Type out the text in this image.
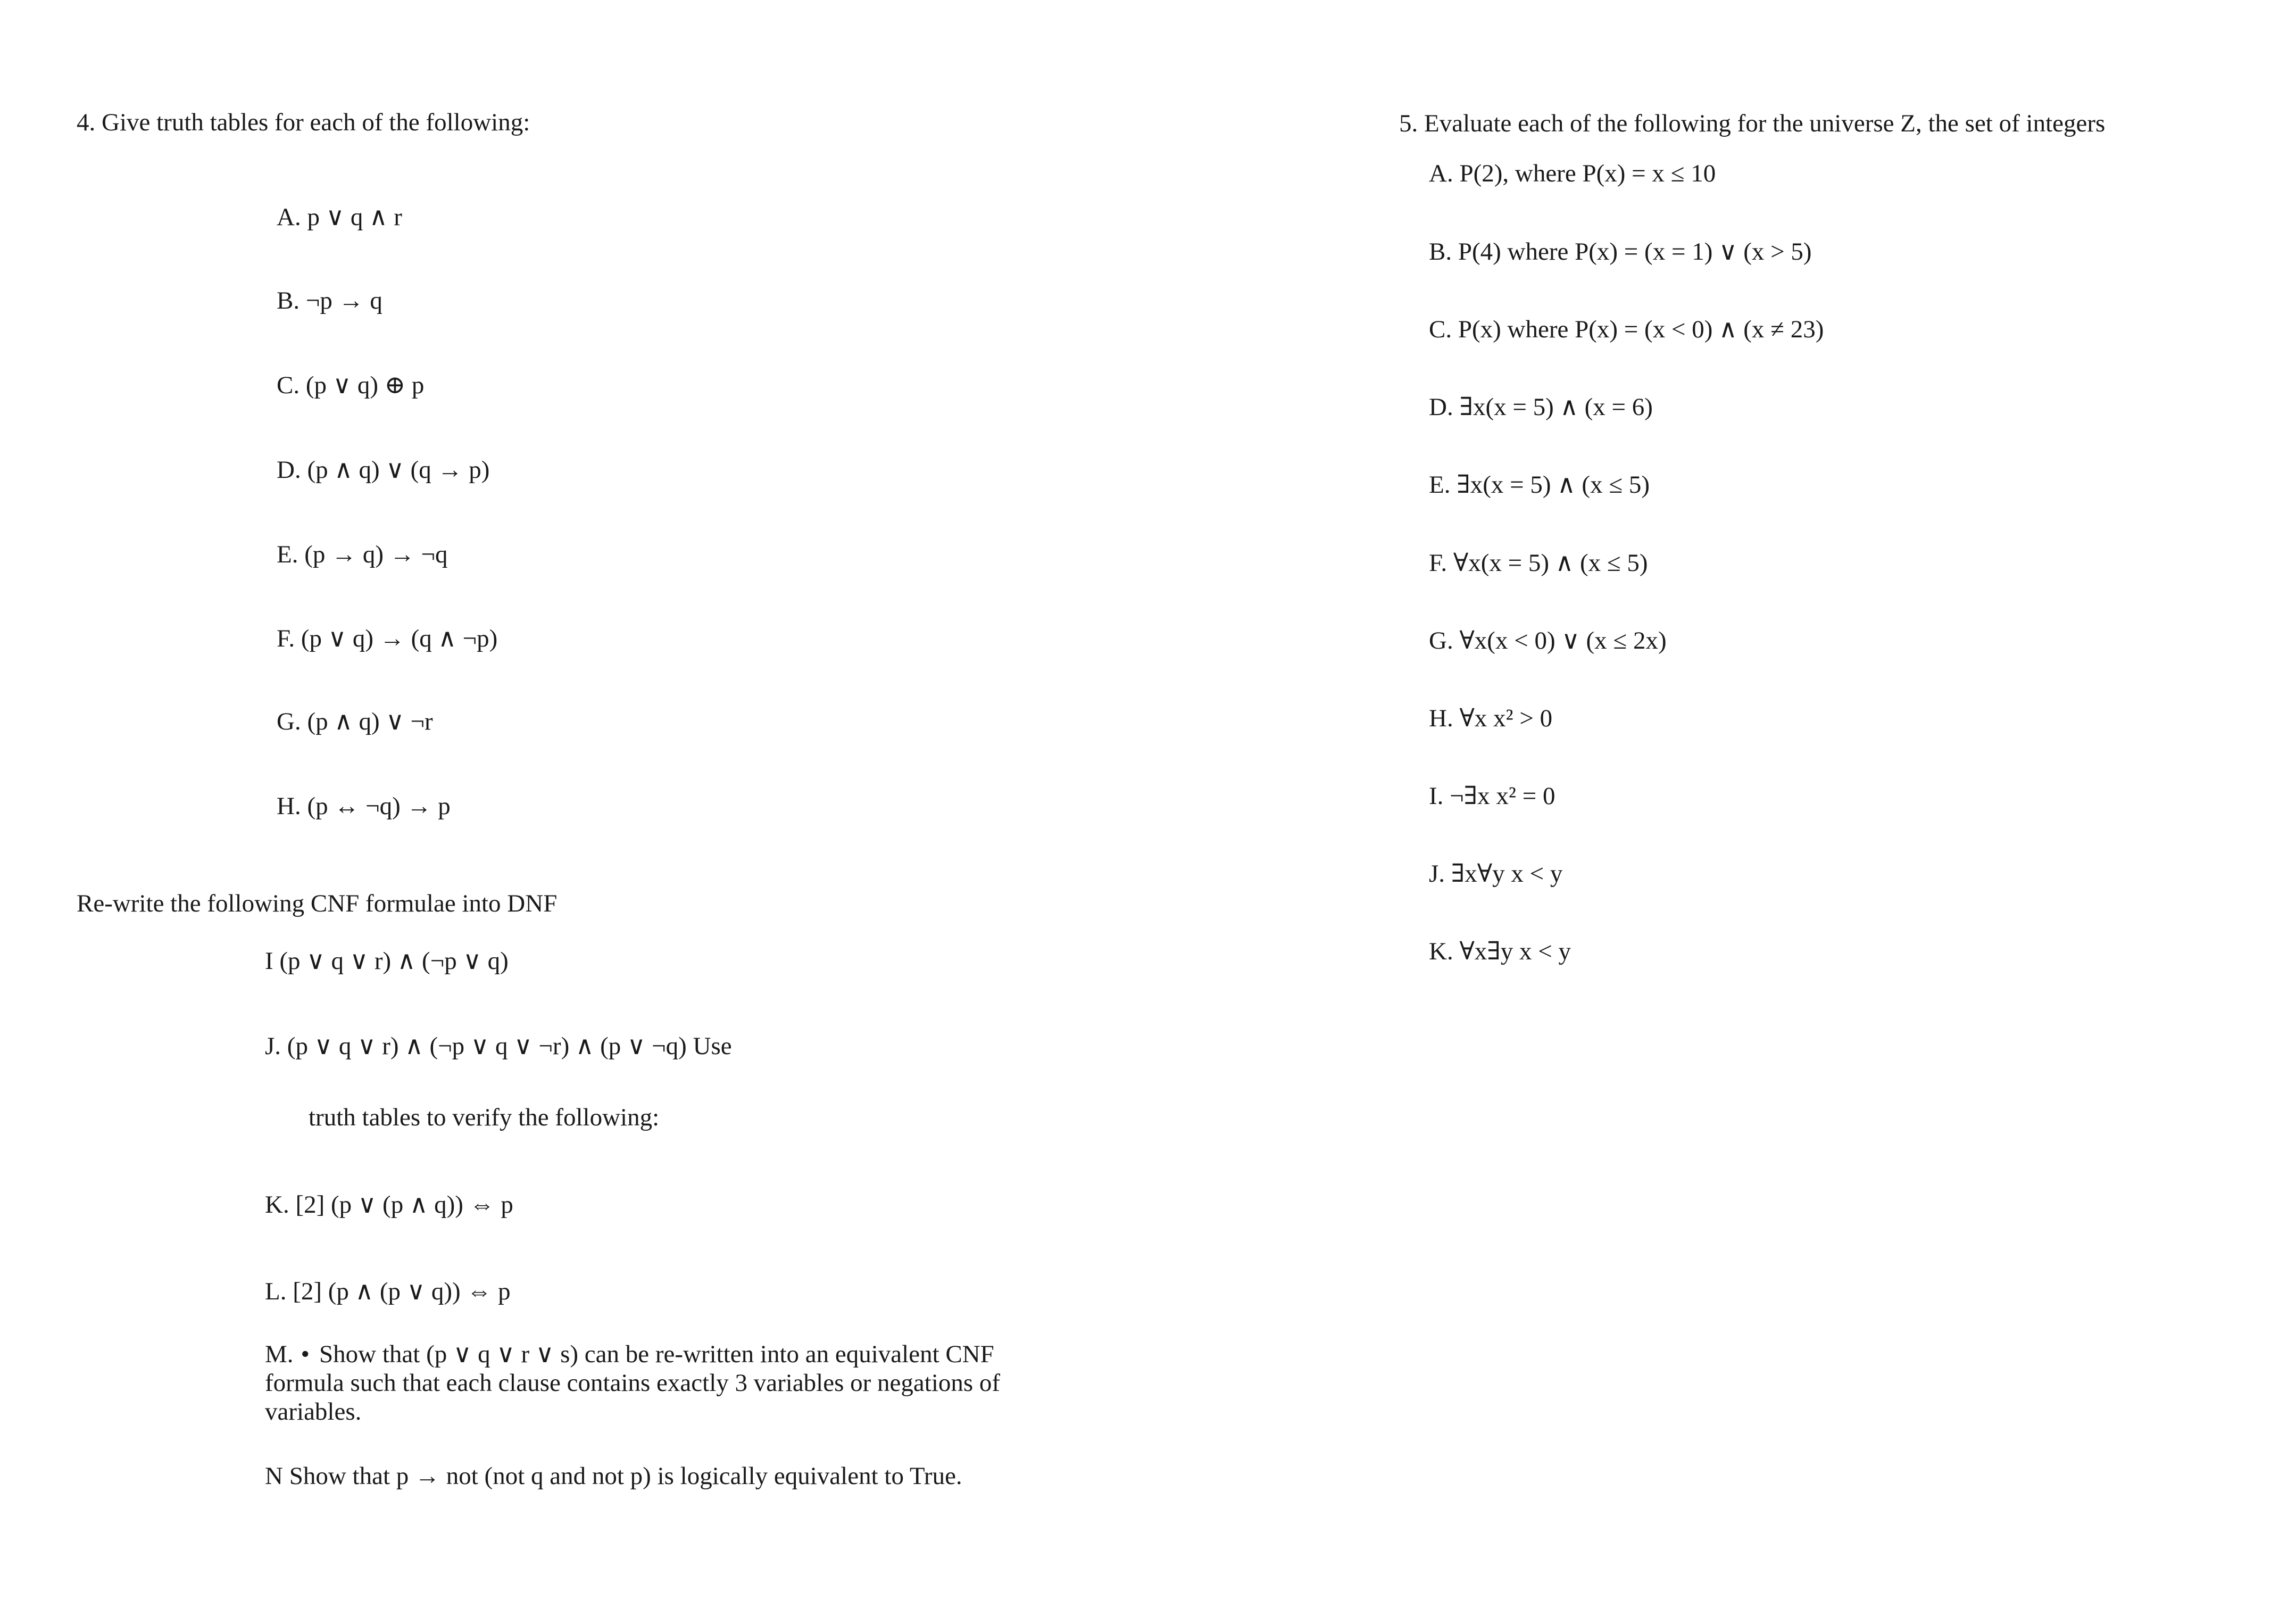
4. Give truth tables for each of the following:
A. p ∨ q ∧ r
B. ¬p → q
C. (p ∨ q) ⊕ p
D. (p ∧ q) ∨ (q → p)
E. (p → q) → ¬q
F. (p ∨ q) → (q ∧ ¬p)
G. (p ∧ q) ∨ ¬r
H. (p ↔ ¬q) → p
Re-write the following CNF formulae into DNF
I (p ∨ q ∨ r) ∧ (¬p ∨ q)
J. (p ∨ q ∨ r) ∧ (¬p ∨ q ∨ ¬r) ∧ (p ∨ ¬q) Use
truth tables to verify the following:
K. [2] (p ∨ (p ∧ q)) ⇔ p
L. [2] (p ∧ (p ∨ q)) ⇔ p
M. • Show that (p ∨ q ∨ r ∨ s) can be re-written into an equivalent CNF formula such that each clause contains exactly 3 variables or negations of variables.
N Show that p → not (not q and not p) is logically equivalent to True.
5. Evaluate each of the following for the universe Z, the set of integers
A. P(2), where P(x) = x ≤ 10
B. P(4) where P(x) = (x = 1) ∨ (x > 5)
C. P(x) where P(x) = (x < 0) ∧ (x ≠ 23)
D. ∃x(x = 5) ∧ (x = 6)
E. ∃x(x = 5) ∧ (x ≤ 5)
F. ∀x(x = 5) ∧ (x ≤ 5)
G. ∀x(x < 0) ∨ (x ≤ 2x)
H. ∀x x² > 0
I. ¬∃x x² = 0
J. ∃x∀y x < y
K. ∀x∃y x < y
